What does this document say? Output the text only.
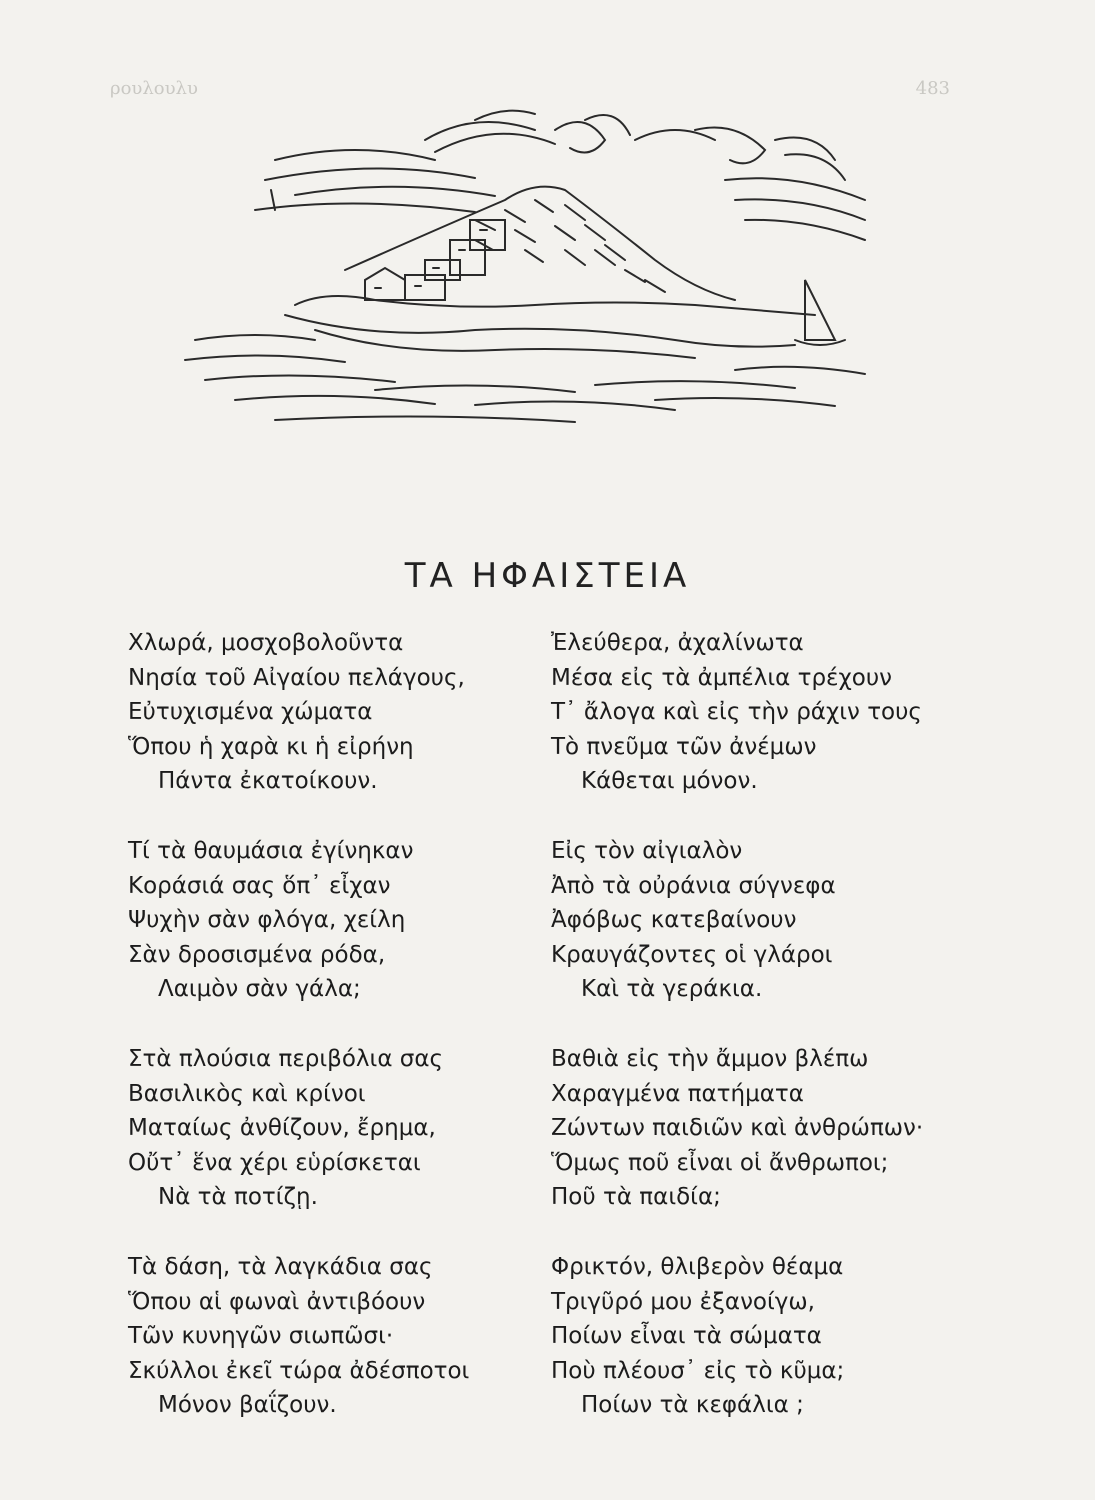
ρουλουλυ	483
ΤΑ ΗΦΑΙΣΤΕΙΑ
Χλωρά, μοσχοβολοῦντα
Νησία τοῦ Αἰγαίου πελάγους,
Εὐτυχισμένα χώματα
Ὅπου ἡ χαρὰ κι ἡ εἰρήνη
Πάντα ἐκατοίκουν.
Τί τὰ θαυμάσια ἐγίνηκαν
Κοράσιά σας ὅπ᾿ εἶχαν
Ψυχὴν σὰν φλόγα, χείλη
Σὰν δροσισμένα ρόδα,
Λαιμὸν σὰν γάλα;
Στὰ πλούσια περιβόλια σας
Βασιλικὸς καὶ κρίνοι
Ματαίως ἀνθίζουν, ἔρημα,
Οὔτ᾿ ἕνα χέρι εὑρίσκεται
Νὰ τὰ ποτίζῃ.
Τὰ δάση, τὰ λαγκάδια σας
Ὅπου αἱ φωναὶ ἀντιβόουν
Τῶν κυνηγῶν σιωπῶσι·
Σκύλλοι ἐκεῖ τώρα ἀδέσποτοι
Μόνον βαΐζουν.
Ἐλεύθερα, ἀχαλίνωτα
Μέσα εἰς τὰ ἀμπέλια τρέχουν
Τ᾿ ἄλογα καὶ εἰς τὴν ράχιν τους
Τὸ πνεῦμα τῶν ἀνέμων
Κάθεται μόνον.
Εἰς τὸν αἰγιαλὸν
Ἀπὸ τὰ οὐράνια σύγνεφα
Ἀφόβως κατεβαίνουν
Κραυγάζοντες οἱ γλάροι
Καὶ τὰ γεράκια.
Βαθιὰ εἰς τὴν ἄμμον βλέπω
Χαραγμένα πατήματα
Ζώντων παιδιῶν καὶ ἀνθρώπων·
Ὅμως ποῦ εἶναι οἱ ἄνθρωποι;
Ποῦ τὰ παιδία;
Φρικτόν, θλιβερὸν θέαμα
Τριγῦρό μου ἐξανοίγω,
Ποίων εἶναι τὰ σώματα
Ποὺ πλέουσ᾿ εἰς τὸ κῦμα;
Ποίων τὰ κεφάλια ;
